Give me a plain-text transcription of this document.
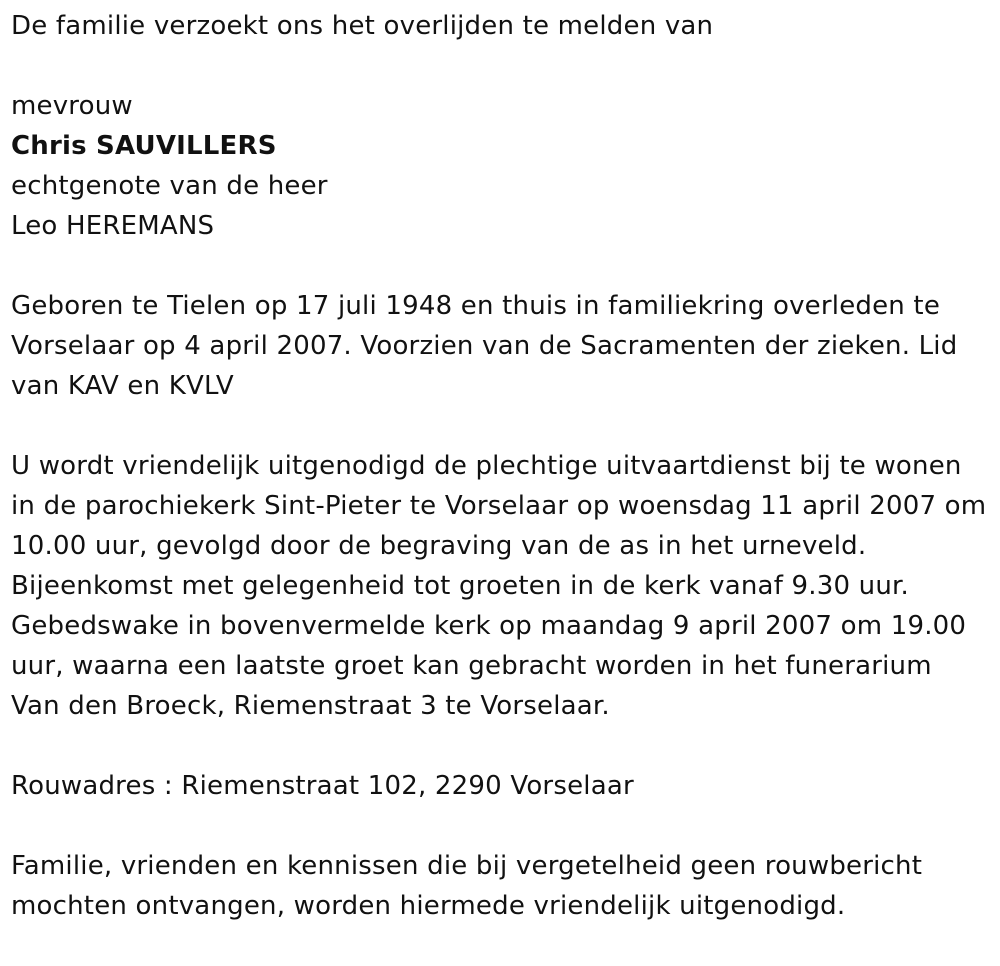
De familie verzoekt ons het overlijden te melden van

mevrouw

Chris SAUVILLERS

echtgenote van de heer

Leo HEREMANS

Geboren te Tielen op 17 juli 1948 en thuis in familiekring overleden te
Vorselaar op 4 april 2007. Voorzien van de Sacramenten der zieken. Lid
van KAV en KVLV
U wordt vriendelijk uitgenodigd de plechtige uitvaartdienst bij te wonen
in de parochiekerk Sint-Pieter te Vorselaar op woensdag 11 april 2007 om
10.00 uur, gevolgd door de begraving van de as in het urneveld.
Bijeenkomst met gelegenheid tot groeten in de kerk vanaf 9.30 uur.
Gebedswake in bovenvermelde kerk op maandag 9 april 2007 om 19.00
uur, waarna een laatste groet kan gebracht worden in het funerarium
Van den Broeck, Riemenstraat 3 te Vorselaar.

Rouwadres : Riemenstraat 102, 2290 Vorselaar

Familie, vrienden en kennissen die bij vergetelheid geen rouwbericht
mochten ontvangen, worden hiermede vriendelijk uitgenodigd.
